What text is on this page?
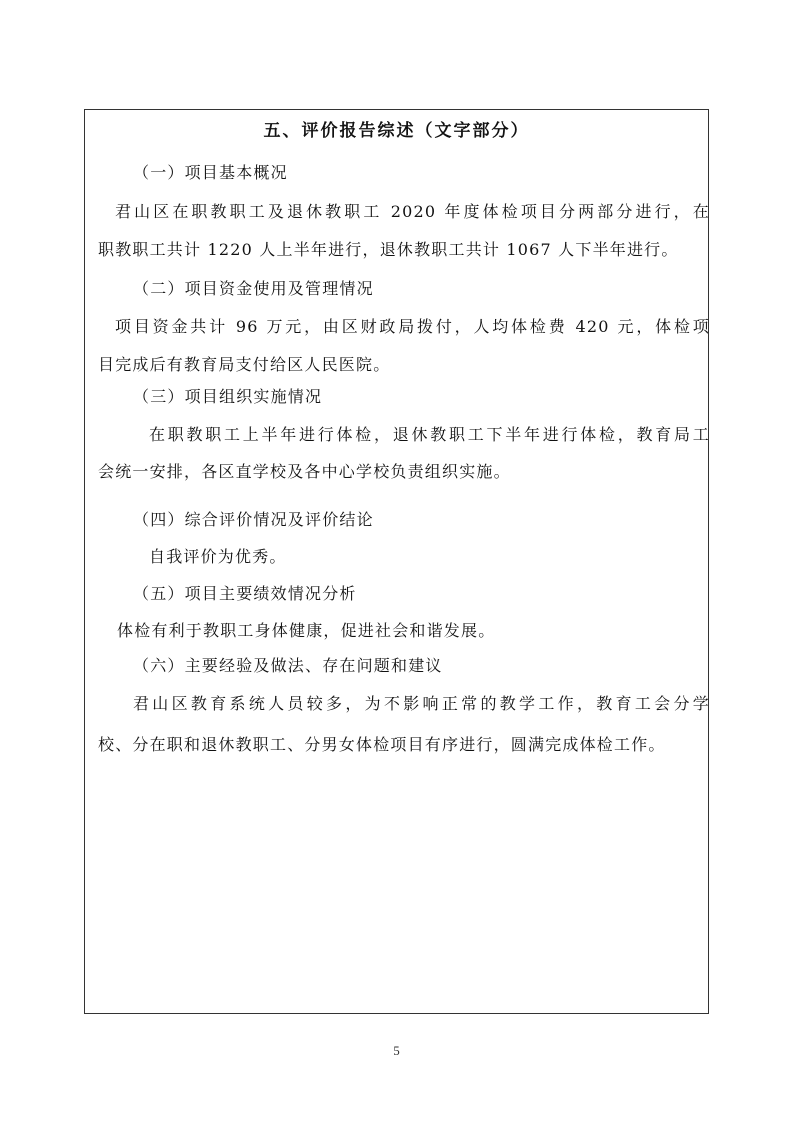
五、评价报告综述（文字部分）

（一）项目基本概况

君山区在职教职工及退休教职工 2020 年度体检项目分两部分进行，在

职教职工共计 1220 人上半年进行，退休教职工共计 1067 人下半年进行。

（二）项目资金使用及管理情况

项目资金共计 96 万元，由区财政局拨付，人均体检费 420 元，体检项

目完成后有教育局支付给区人民医院。

（三）项目组织实施情况

在职教职工上半年进行体检，退休教职工下半年进行体检，教育局工

会统一安排，各区直学校及各中心学校负责组织实施。

（四）综合评价情况及评价结论

自我评价为优秀。

（五）项目主要绩效情况分析

体检有利于教职工身体健康，促进社会和谐发展。

（六）主要经验及做法、存在问题和建议

君山区教育系统人员较多，为不影响正常的教学工作，教育工会分学

校、分在职和退休教职工、分男女体检项目有序进行，圆满完成体检工作。

5
